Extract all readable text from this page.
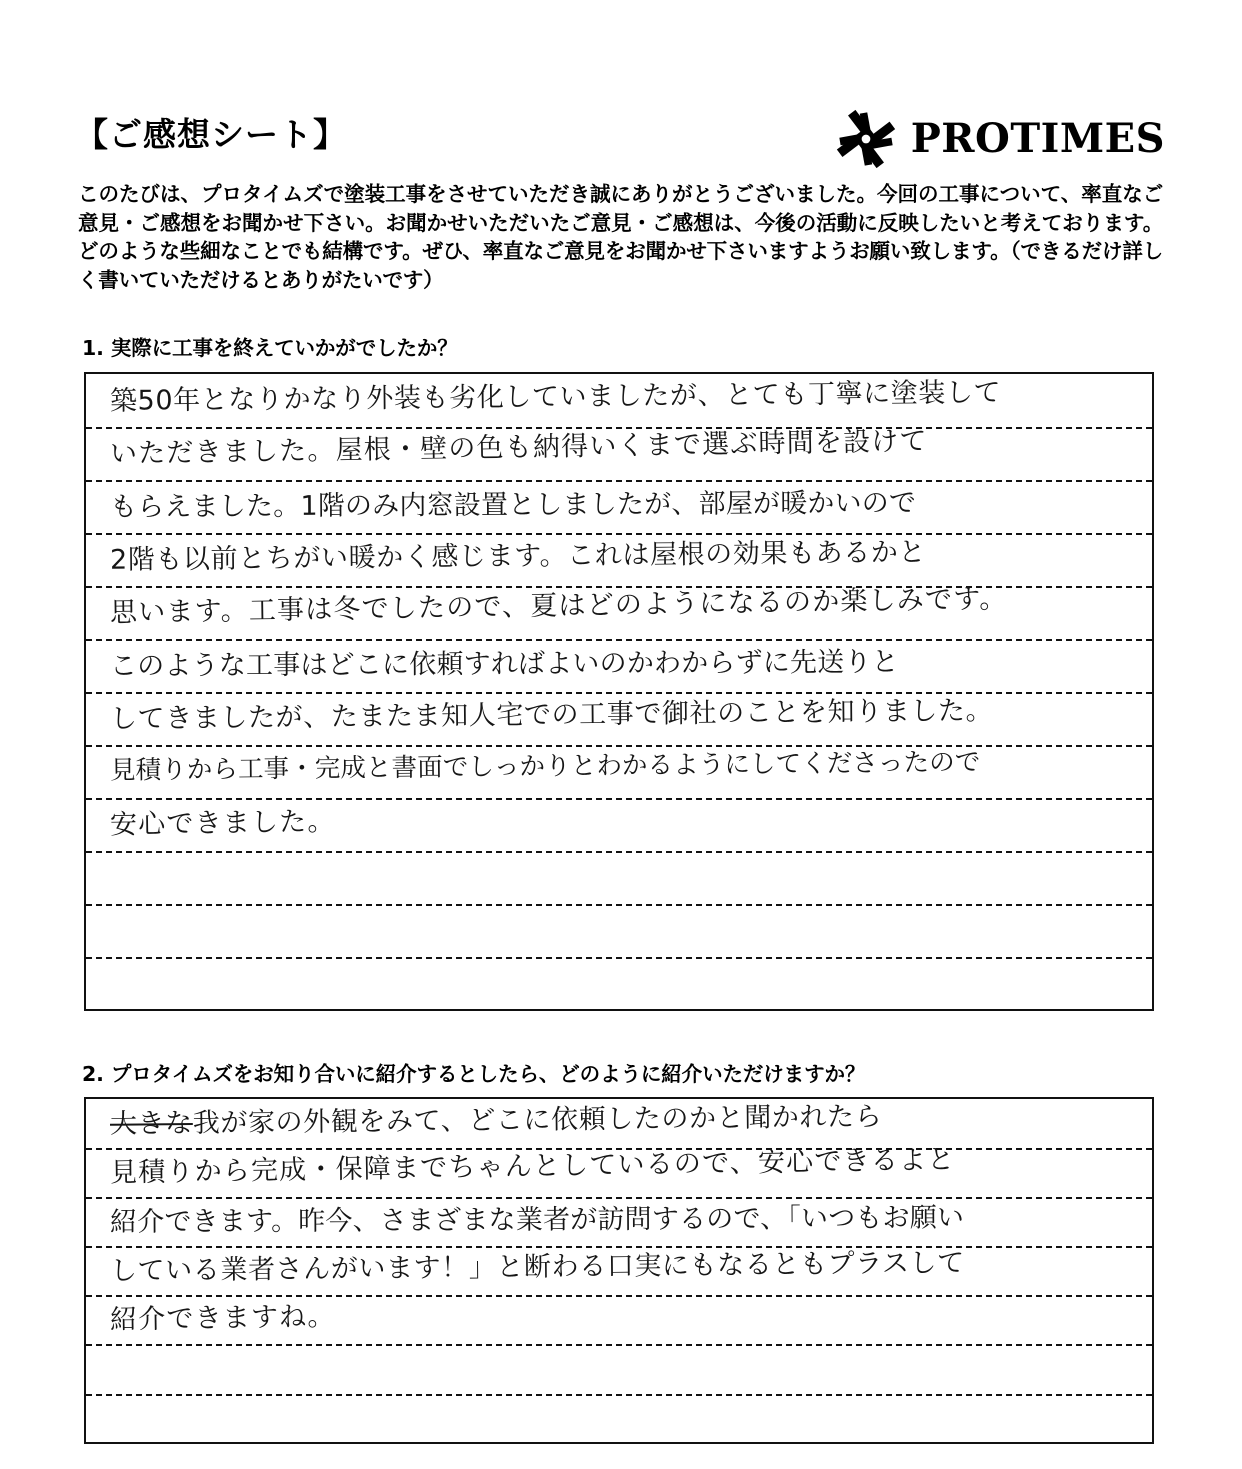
【ご感想シート】	PROTIMES
このたびは、プロタイムズで塗装工事をさせていただき誠にありがとうございました。今回の工事について、率直なご意見・ご感想をお聞かせ下さい。お聞かせいただいたご意見・ご感想は、今後の活動に反映したいと考えております。どのような些細なことでも結構です。ぜひ、率直なご意見をお聞かせ下さいますようお願い致します。（できるだけ詳しく書いていただけるとありがたいです）
1. 実際に工事を終えていかがでしたか？
築50年となりかなり外装も劣化していましたが、とても丁寧に塗装して
いただきました。屋根・壁の色も納得いくまで選ぶ時間を設けて
もらえました。1階のみ内窓設置としましたが、部屋が暖かいので
2階も以前とちがい暖かく感じます。これは屋根の効果もあるかと
思います。工事は冬でしたので、夏はどのようになるのか楽しみです。
このような工事はどこに依頼すればよいのかわからずに先送りと
してきましたが、たまたま知人宅での工事で御社のことを知りました。
見積りから工事・完成と書面でしっかりとわかるようにしてくださったので
安心できました。
2. プロタイムズをお知り合いに紹介するとしたら、どのように紹介いただけますか？
大きな我が家の外観をみて、どこに依頼したのかと聞かれたら
見積りから完成・保障までちゃんとしているので、安心できるよと
紹介できます。昨今、さまざまな業者が訪問するので、「いつもお願い
している業者さんがいます！」と断わる口実にもなるともプラスして
紹介できますね。
